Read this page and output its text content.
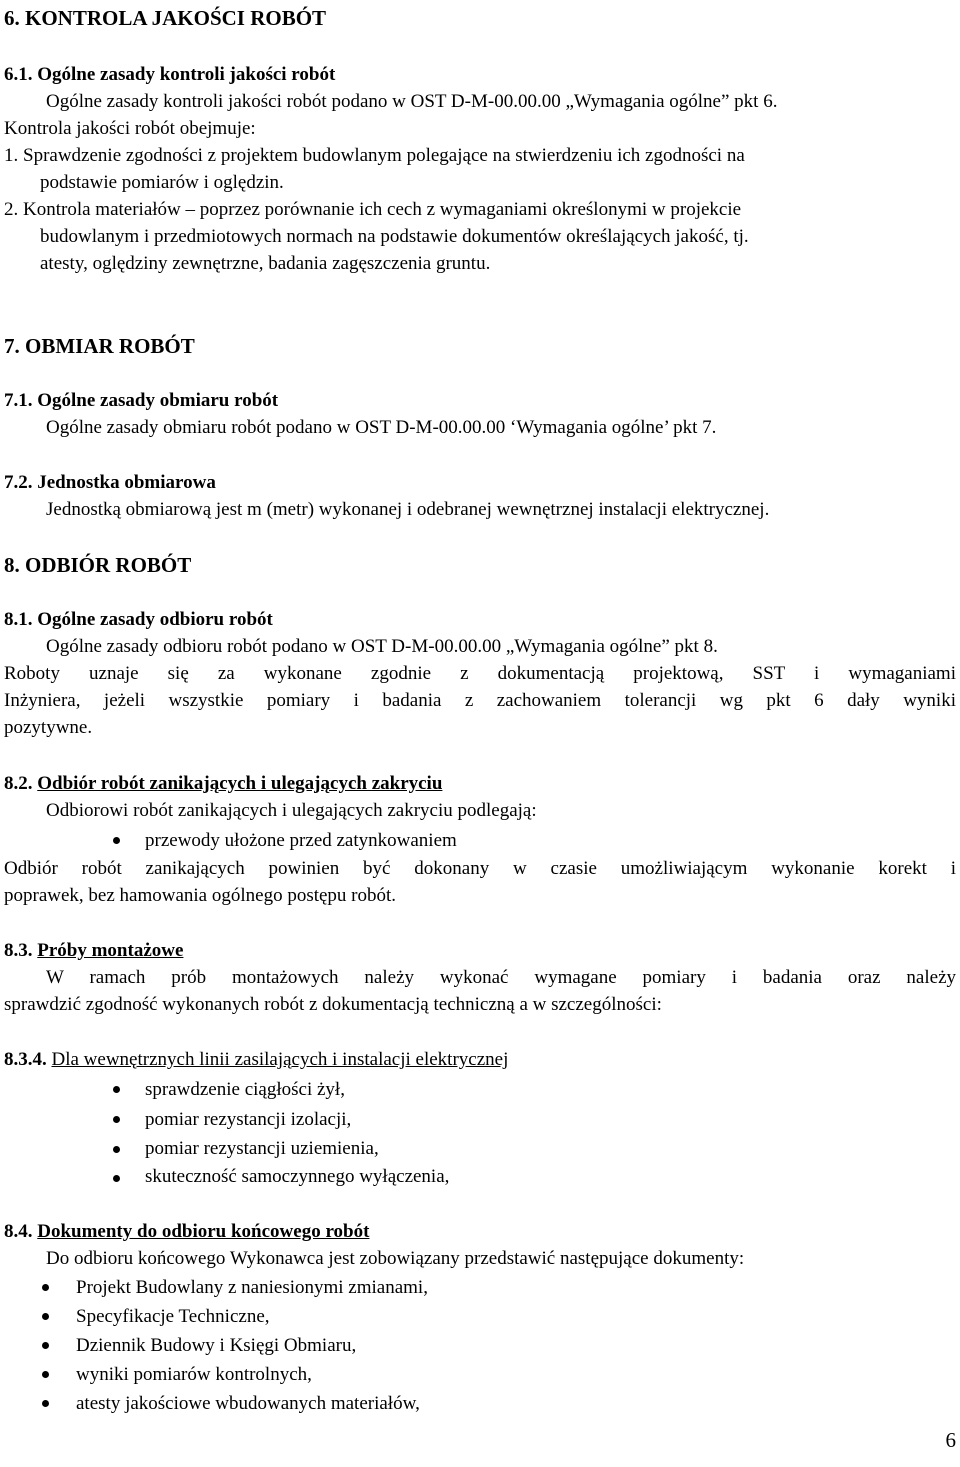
6. KONTROLA JAKOŚCI ROBÓT
6.1. Ogólne zasady kontroli jakości robót
Ogólne zasady kontroli jakości robót podano w OST D-M-00.00.00 „Wymagania ogólne” pkt 6.
Kontrola jakości robót obejmuje:
1. Sprawdzenie zgodności z projektem budowlanym polegające na stwierdzeniu ich zgodności na
podstawie pomiarów i oględzin.
2. Kontrola materiałów – poprzez porównanie ich cech z wymaganiami określonymi w projekcie
budowlanym i przedmiotowych normach na podstawie dokumentów określających jakość, tj.
atesty, oględziny zewnętrzne, badania zagęszczenia gruntu.
7. OBMIAR ROBÓT
7.1. Ogólne zasady obmiaru robót
Ogólne zasady obmiaru robót podano w OST D-M-00.00.00 ‘Wymagania ogólne’ pkt 7.
7.2. Jednostka obmiarowa
Jednostką obmiarową jest m (metr) wykonanej i odebranej wewnętrznej instalacji elektrycznej.
8. ODBIÓR ROBÓT
8.1. Ogólne zasady odbioru robót
Ogólne zasady odbioru robót podano w OST D-M-00.00.00 „Wymagania ogólne” pkt 8.
Roboty uznaje się za wykonane zgodnie z dokumentacją projektową, SST i wymaganiami
Inżyniera, jeżeli wszystkie pomiary i badania z zachowaniem tolerancji wg pkt 6 dały wyniki
pozytywne.
8.2. Odbiór robót zanikających i ulegających zakryciu
Odbiorowi robót zanikających i ulegających zakryciu podlegają:
przewody ułożone przed zatynkowaniem
Odbiór robót zanikających powinien być dokonany w czasie umożliwiającym wykonanie korekt i
poprawek, bez hamowania ogólnego postępu robót.
8.3. Próby montażowe
W ramach prób montażowych należy wykonać wymagane pomiary i badania oraz należy
sprawdzić zgodność wykonanych robót z dokumentacją techniczną a w szczególności:
8.3.4. Dla wewnętrznych linii zasilających i instalacji elektrycznej
sprawdzenie ciągłości żył,
pomiar rezystancji izolacji,
pomiar rezystancji uziemienia,
skuteczność samoczynnego wyłączenia,
8.4. Dokumenty do odbioru końcowego robót
Do odbioru końcowego Wykonawca jest zobowiązany przedstawić następujące dokumenty:
Projekt Budowlany z naniesionymi zmianami,
Specyfikacje Techniczne,
Dziennik Budowy i Księgi Obmiaru,
wyniki pomiarów kontrolnych,
atesty jakościowe wbudowanych materiałów,
6
